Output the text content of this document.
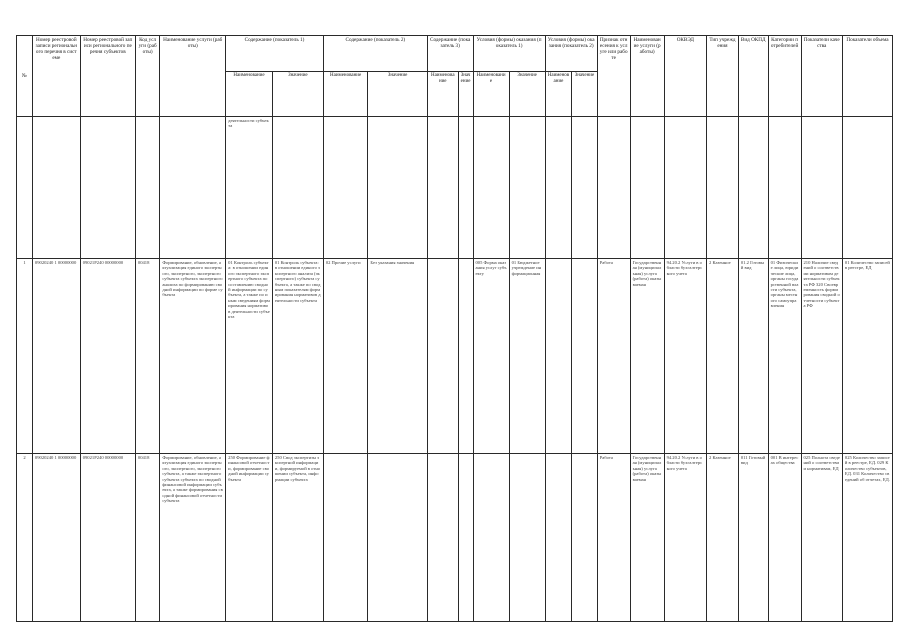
№	Номер реестровой записи регионального перечня в системе	Номер реестровой записи регионального перечня субъектов	Код услуги (работы)	Наименование услуги (работы)	Содержание (показатель 1)		Содержание (показатель 2)		Содержание (показатель 3)		Условия (формы) оказания (показатель 1)		Условия (формы) оказания (показатель 2)		Признак отнесения к услуге или работе	Наименование услуги (работы)	ОКВЭД	Тип учреждения	Вид ОКПД	Категории потребителей	Показатели качества	Показатели объема
					Наименование	Значение	Наименование	Значение	Наименование	Значение	Наименование	Значение	Наименование	Значение								
					деятельности субъекта																	
1	09020240 1 00000000	09021P240 00000000	00418	Формирование, обновление, актуализация единого экспертного, экспертного, экспертного субъекта субъекта экспертного анализа по формированию сводной информации по форме субъекта	01 Контроль субъекта: в отношении единого экспертного экспертного субъекта по составлению сводной информации по субъекта, а также по иным сведениям формирования нормативов деятельности субъекта	01 Контроль субъекта: в отношении единого экспертного анализа (экспертного) субъекта субъекта, а также по сводным показателям формирования нормативов деятельности субъекта	02 Прочие услуги	Без указания значения			005 Форма оказания услуг субъекту	01 Бюджетное учреждение информационная			Работа	Государственная (муниципальная) услуга (работа) оказываемая	94.20.2 Услуги в области бухгалтерского учета	2 Казенное	01.2 Готовый вид	01 Физические лица, юридические лица, органы государственной власти субъекта, органы местного самоуправления	210 Наличие сведений о соответствии нормативам деятельности субъекта РФ 320 Своевременность формирования сводной отчетности субъекта РФ	01 Количество записей в реестре, ЕД
2	09020240 1 00000000	09021P240 00000000	00418	Формирование, обновление, актуализация единого экспертного, экспертного, экспертного субъекта, а также экспертного субъекта субъекта по сводной финансовой информации субъекта, а также формирования сводной финансовой отчетности субъекта	250 Формирование финансовой отчетности, формирование сводной информации субъекта	250 Свод экспертизы экспертной информации, формируемой в отношении субъекта, информации субъекта									Работа	Государственная (муниципальная) услуга (работа) оказываемая	94.20.2 Услуги в области бухгалтерского учета	2 Казенное	011 Готовый вид	001 В интересах общества	025 Полнота сведений о соответствии нормативам, ЕД	025 Количество записей в реестре, ЕД. 029 Количество субъектов, ЕД. 031 Количество сведений об отчетах, ЕД.
